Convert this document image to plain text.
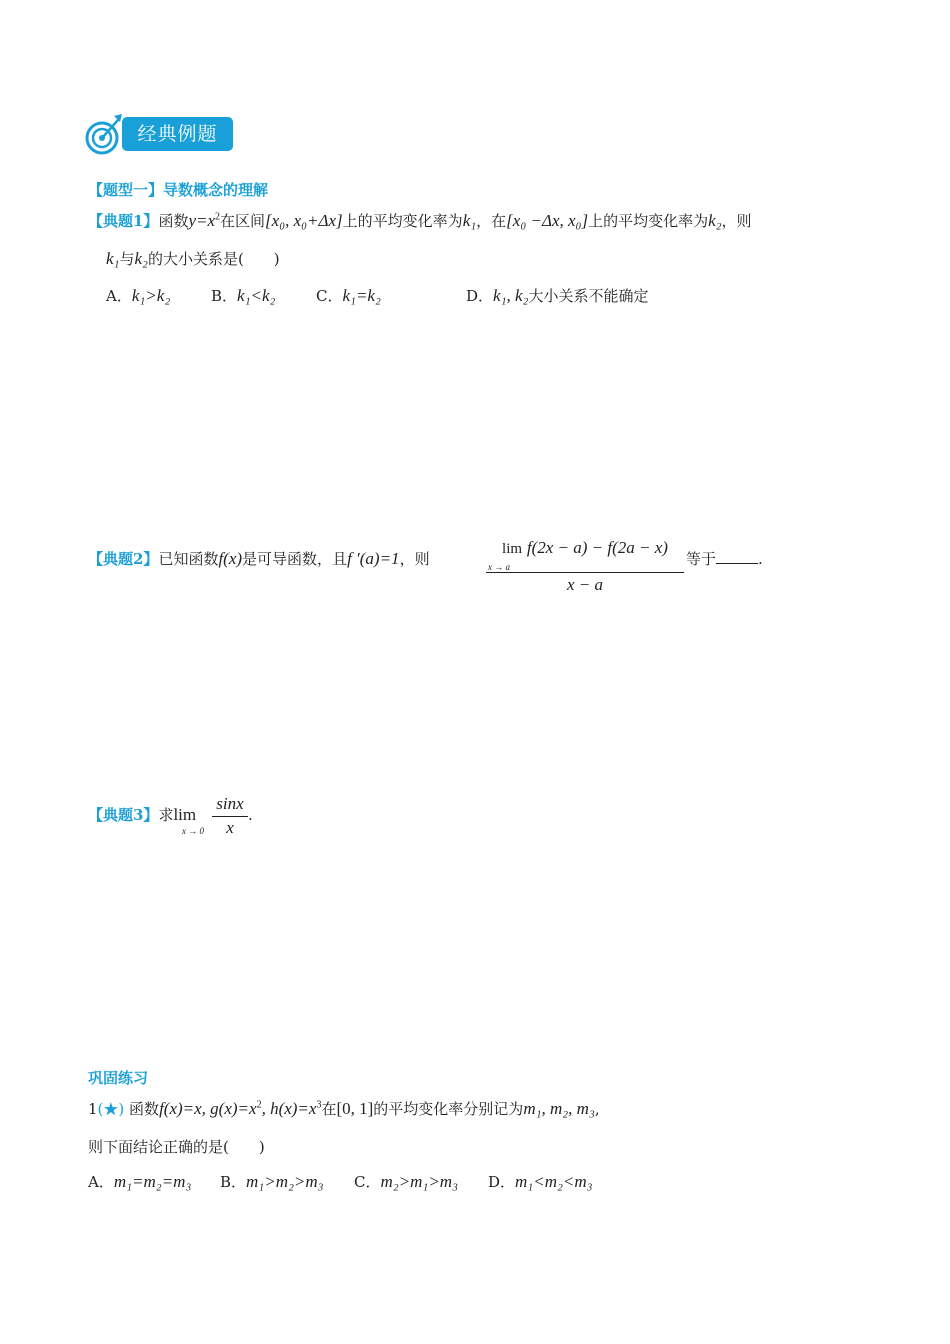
经典例题
【题型一】导数概念的理解
【典题1】函数$y=x^2$在区间[x₀, x₀+Δx]上的平均变化率为k₁，在[x₀ −Δx, x₀]上的平均变化率为k₂，则
k₁与k₂的大小关系是(　　)
A．k₁>k₂	B．k₁<k₂	C．k₁=k₂	D．k₁, k₂大小关系不能确定
【典题2】已知函数f(x)是可导函数，且f ′(a)=1，则
lim f(2x − a) − f(2a − x)
x → a
x − a
等于	.
【典题3】求lim
x → 0
sinx
x
.
巩固练习
1(★) 函数f(x)=x, $g(x)=x^2$, $h(x)=x^3$在[0, 1]的平均变化率分别记为m₁, m₂, m₃,
则下面结论正确的是(　　)
A．m₁=m₂=m₃ B．m₁>m₂>m₃ C．m₂>m₁>m₃ D．m₁<m₂<m₃
